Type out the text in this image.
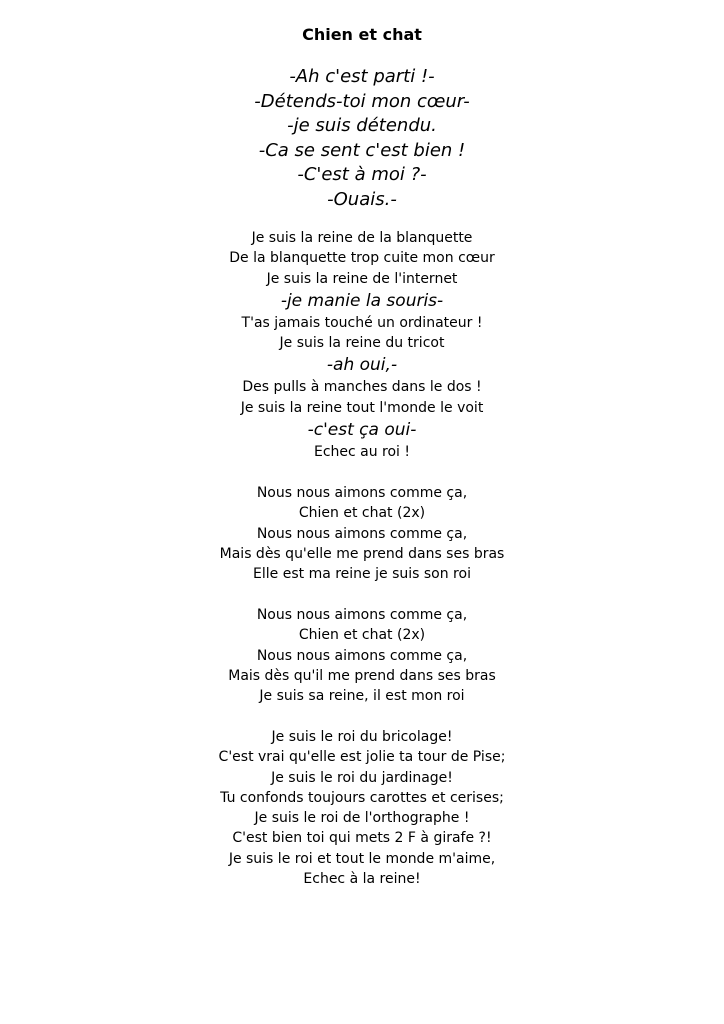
Chien et chat
-Ah c'est parti !-
-Détends-toi mon cœur-
-je suis détendu.
-Ca se sent c'est bien !
-C'est à moi ?-
-Ouais.-
Je suis la reine de la blanquette
De la blanquette trop cuite mon cœur
Je suis la reine de l'internet
-je manie la souris-
T'as jamais touché un ordinateur !
Je suis la reine du tricot
-ah oui,-
Des pulls à manches dans le dos !
Je suis la reine tout l'monde le voit
-c'est ça oui-
Echec au roi !
Nous nous aimons comme ça,
Chien et chat (2x)
Nous nous aimons comme ça,
Mais dès qu'elle me prend dans ses bras
Elle est ma reine je suis son roi
Nous nous aimons comme ça,
Chien et chat (2x)
Nous nous aimons comme ça,
Mais dès qu'il me prend dans ses bras
Je suis sa reine, il est mon roi
Je suis le roi du bricolage!
C'est vrai qu'elle est jolie ta tour de Pise;
Je suis le roi du jardinage!
Tu confonds toujours carottes et cerises;
Je suis le roi de l'orthographe !
C'est bien toi qui mets 2 F à girafe ?!
Je suis le roi et tout le monde m'aime,
Echec à la reine!
